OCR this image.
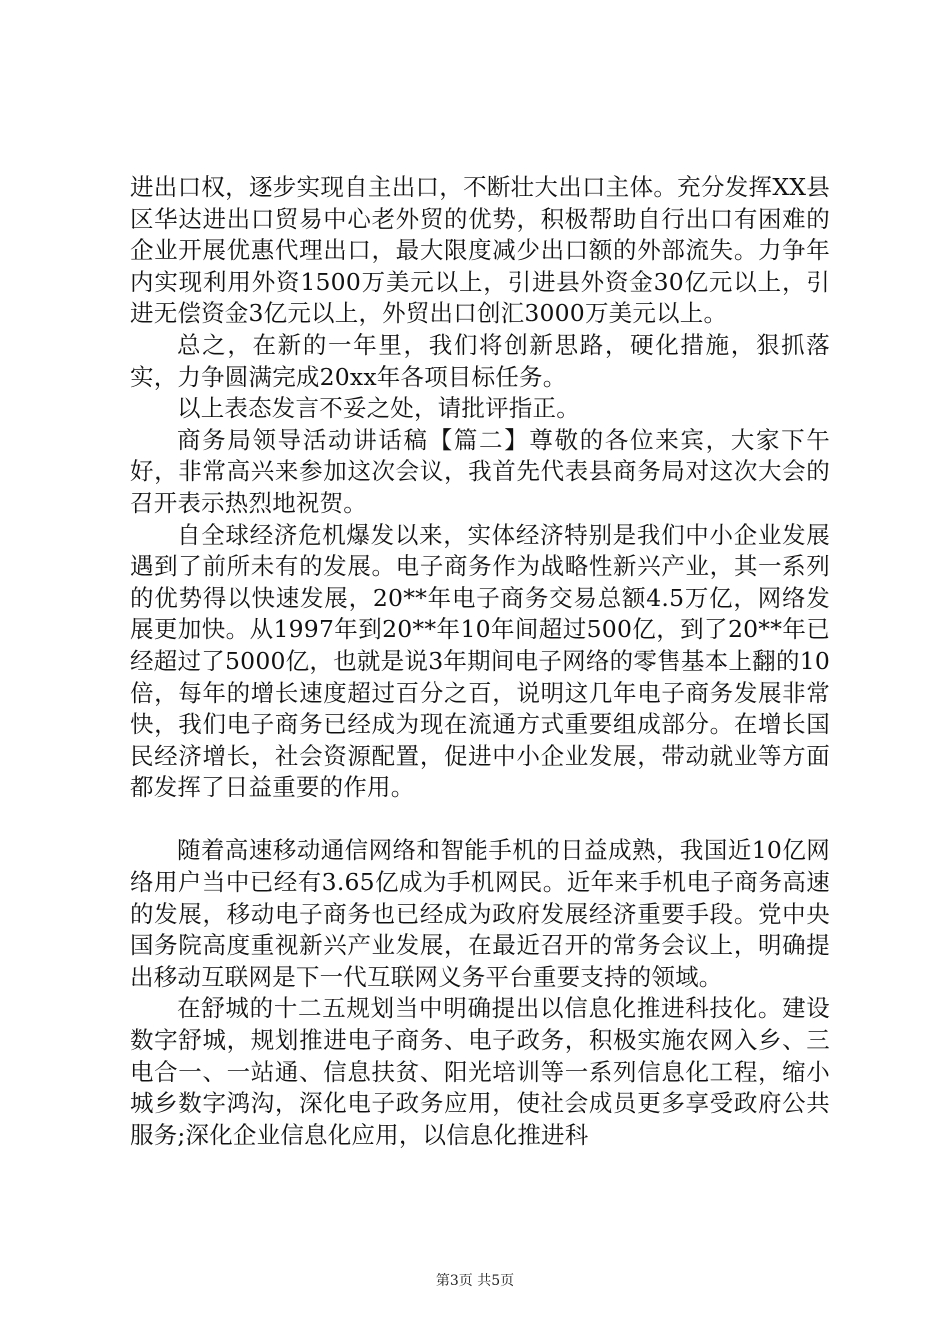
进出口权，逐步实现自主出口，不断壮大出口主体。充分发挥XX县区华达进出口贸易中心老外贸的优势，积极帮助自行出口有困难的企业开展优惠代理出口，最大限度减少出口额的外部流失。力争年内实现利用外资1500万美元以上，引进县外资金30亿元以上，引进无偿资金3亿元以上，外贸出口创汇3000万美元以上。

总之，在新的一年里，我们将创新思路，硬化措施，狠抓落实，力争圆满完成20xx年各项目标任务。

以上表态发言不妥之处，请批评指正。

商务局领导活动讲话稿【篇二】尊敬的各位来宾，大家下午好，非常高兴来参加这次会议，我首先代表县商务局对这次大会的召开表示热烈地祝贺。

自全球经济危机爆发以来，实体经济特别是我们中小企业发展遇到了前所未有的发展。电子商务作为战略性新兴产业，其一系列的优势得以快速发展，20**年电子商务交易总额4.5万亿，网络发展更加快。从1997年到20**年10年间超过500亿，到了20**年已经超过了5000亿，也就是说3年期间电子网络的零售基本上翻的10倍，每年的增长速度超过百分之百，说明这几年电子商务发展非常快，我们电子商务已经成为现在流通方式重要组成部分。在增长国民经济增长，社会资源配置，促进中小企业发展，带动就业等方面都发挥了日益重要的作用。

随着高速移动通信网络和智能手机的日益成熟，我国近10亿网络用户当中已经有3.65亿成为手机网民。近年来手机电子商务高速的发展，移动电子商务也已经成为政府发展经济重要手段。党中央国务院高度重视新兴产业发展，在最近召开的常务会议上，明确提出移动互联网是下一代互联网义务平台重要支持的领域。

在舒城的十二五规划当中明确提出以信息化推进科技化。建设数字舒城，规划推进电子商务、电子政务，积极实施农网入乡、三电合一、一站通、信息扶贫、阳光培训等一系列信息化工程，缩小城乡数字鸿沟，深化电子政务应用，使社会成员更多享受政府公共服务;深化企业信息化应用，以信息化推进科

第3页 共5页
